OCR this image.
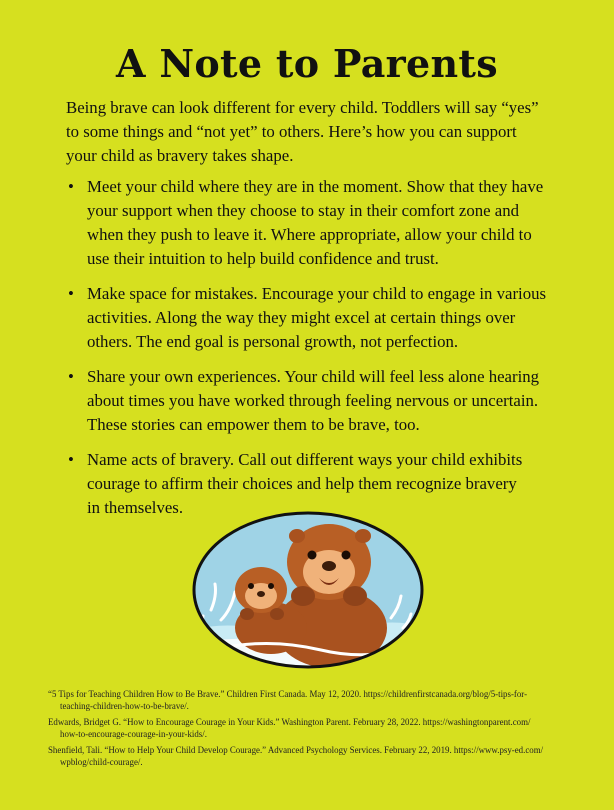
A Note to Parents

Being brave can look different for every child. Toddlers will say “yes”
to some things and “not yet” to others. Here’s how you can support
your child as bravery takes shape.

• Meet your child where they are in the moment. Show that they have
your support when they choose to stay in their comfort zone and
when they push to leave it. Where appropriate, allow your child to
use their intuition to help build confidence and trust.
• Make space for mistakes. Encourage your child to engage in various
activities. Along the way they might excel at certain things over
others. The end goal is personal growth, not perfection.
• Share your own experiences. Your child will feel less alone hearing
about times you have worked through feeling nervous or uncertain.
These stories can empower them to be brave, too.
• Name acts of bravery. Call out different ways your child exhibits
courage to affirm their choices and help them recognize bravery
in themselves.
“5 Tips for Teaching Children How to Be Brave.” Children First Canada. May 12, 2020. https://childrenfirstcanada.org/blog/5-tips-for-
teaching-children-how-to-be-brave/.
Edwards, Bridget G. “How to Encourage Courage in Your Kids.” Washington Parent. February 28, 2022. https://washingtonparent.com/
how-to-encourage-courage-in-your-kids/.
Shenfield, Tali. “How to Help Your Child Develop Courage.” Advanced Psychology Services. February 22, 2019. https://www.psy-ed.com/
wpblog/child-courage/.
